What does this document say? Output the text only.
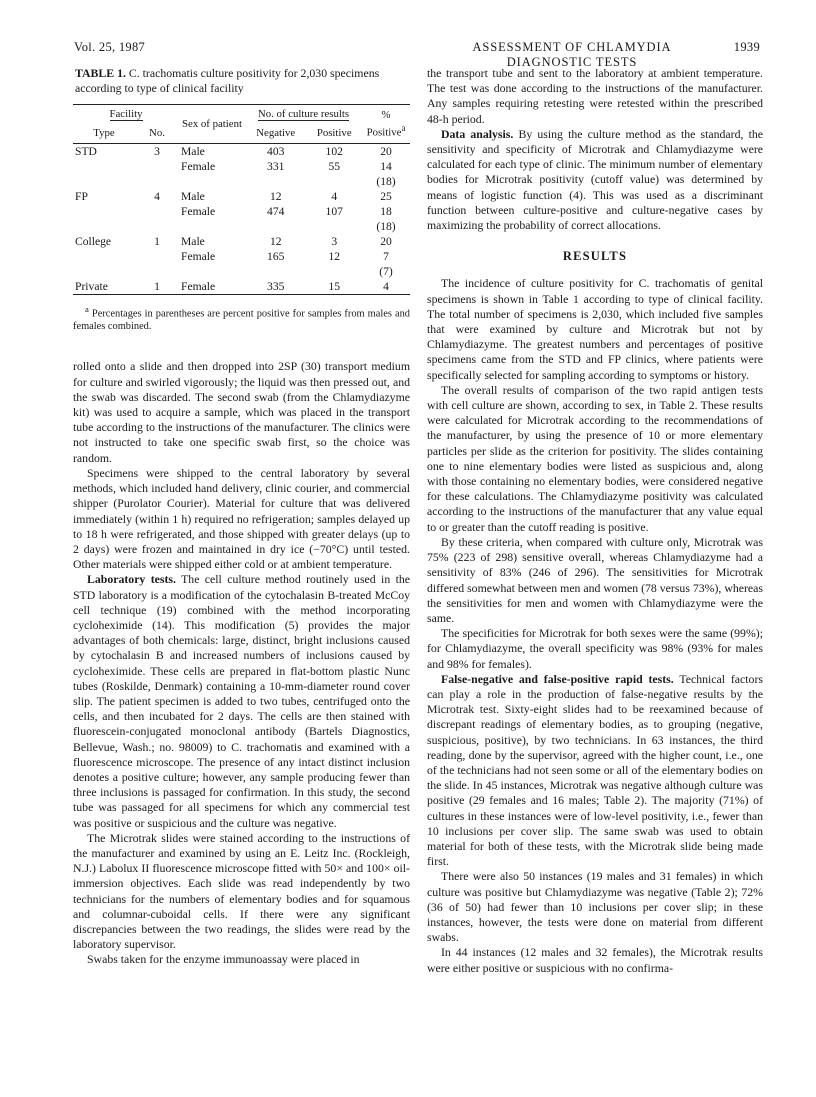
Vol. 25, 1987	ASSESSMENT OF CHLAMYDIA DIAGNOSTIC TESTS
1939
TABLE 1. C. trachomatis culture positivity for 2,030 specimens according to type of clinical facility
Facility		Sex of patient	No. of culture results		% Positive$^a$
Type	No.		Negative	Positive	
STD	3	Male	403	102	20
		Female	331	55	14
					(18)
FP	4	Male	12	4	25
		Female	474	107	18
					(18)
College	1	Male	12	3	20
		Female	165	12	7
					(7)
Private	1	Female	335	15	4
$^a$ Percentages in parentheses are percent positive for samples from males and females combined.

rolled onto a slide and then dropped into 2SP (30) transport medium for culture and swirled vigorously; the liquid was then pressed out, and the swab was discarded. The second swab (from the Chlamydiazyme kit) was used to acquire a sample, which was placed in the transport tube according to the instructions of the manufacturer. The clinics were not instructed to take one specific swab first, so the choice was random.

Specimens were shipped to the central laboratory by several methods, which included hand delivery, clinic courier, and commercial shipper (Purolator Courier). Material for culture that was delivered immediately (within 1 h) required no refrigeration; samples delayed up to 18 h were refrigerated, and those shipped with greater delays (up to 2 days) were frozen and maintained in dry ice (−70°C) until tested. Other materials were shipped either cold or at ambient temperature.

Laboratory tests. The cell culture method routinely used in the STD laboratory is a modification of the cytochalasin B-treated McCoy cell technique (19) combined with the method incorporating cycloheximide (14). This modification (5) provides the major advantages of both chemicals: large, distinct, bright inclusions caused by cytochalasin B and increased numbers of inclusions caused by cycloheximide. These cells are prepared in flat-bottom plastic Nunc tubes (Roskilde, Denmark) containing a 10-mm-diameter round cover slip. The patient specimen is added to two tubes, centrifuged onto the cells, and then incubated for 2 days. The cells are then stained with fluorescein-conjugated monoclonal antibody (Bartels Diagnostics, Bellevue, Wash.; no. 98009) to C. trachomatis and examined with a fluorescence microscope. The presence of any intact distinct inclusion denotes a positive culture; however, any sample producing fewer than three inclusions is passaged for confirmation. In this study, the second tube was passaged for all specimens for which any commercial test was positive or suspicious and the culture was negative.

The Microtrak slides were stained according to the instructions of the manufacturer and examined by using an E. Leitz Inc. (Rockleigh, N.J.) Labolux II fluorescence microscope fitted with 50× and 100× oil-immersion objectives. Each slide was read independently by two technicians for the numbers of elementary bodies and for squamous and columnar-cuboidal cells. If there were any significant discrepancies between the two readings, the slides were read by the laboratory supervisor.

Swabs taken for the enzyme immunoassay were placed in

the transport tube and sent to the laboratory at ambient temperature. The test was done according to the instructions of the manufacturer. Any samples requiring retesting were retested within the prescribed 48-h period.

Data analysis. By using the culture method as the standard, the sensitivity and specificity of Microtrak and Chlamydiazyme were calculated for each type of clinic. The minimum number of elementary bodies for Microtrak positivity (cutoff value) was determined by means of logistic function (4). This was used as a discriminant function between culture-positive and culture-negative cases by maximizing the probability of correct allocations.

RESULTS

The incidence of culture positivity for C. trachomatis of genital specimens is shown in Table 1 according to type of clinical facility. The total number of specimens is 2,030, which included five samples that were examined by culture and Microtrak but not by Chlamydiazyme. The greatest numbers and percentages of positive specimens came from the STD and FP clinics, where patients were specifically selected for sampling according to symptoms or history.

The overall results of comparison of the two rapid antigen tests with cell culture are shown, according to sex, in Table 2. These results were calculated for Microtrak according to the recommendations of the manufacturer, by using the presence of 10 or more elementary particles per slide as the criterion for positivity. The slides containing one to nine elementary bodies were listed as suspicious and, along with those containing no elementary bodies, were considered negative for these calculations. The Chlamydiazyme positivity was calculated according to the instructions of the manufacturer that any value equal to or greater than the cutoff reading is positive.

By these criteria, when compared with culture only, Microtrak was 75% (223 of 298) sensitive overall, whereas Chlamydiazyme had a sensitivity of 83% (246 of 296). The sensitivities for Microtrak differed somewhat between men and women (78 versus 73%), whereas the sensitivities for men and women with Chlamydiazyme were the same.

The specificities for Microtrak for both sexes were the same (99%); for Chlamydiazyme, the overall specificity was 98% (93% for males and 98% for females).

False-negative and false-positive rapid tests. Technical factors can play a role in the production of false-negative results by the Microtrak test. Sixty-eight slides had to be reexamined because of discrepant readings of elementary bodies, as to grouping (negative, suspicious, positive), by two technicians. In 63 instances, the third reading, done by the supervisor, agreed with the higher count, i.e., one of the technicians had not seen some or all of the elementary bodies on the slide. In 45 instances, Microtrak was negative although culture was positive (29 females and 16 males; Table 2). The majority (71%) of cultures in these instances were of low-level positivity, i.e., fewer than 10 inclusions per cover slip. The same swab was used to obtain material for both of these tests, with the Microtrak slide being made first.

There were also 50 instances (19 males and 31 females) in which culture was positive but Chlamydiazyme was negative (Table 2); 72% (36 of 50) had fewer than 10 inclusions per cover slip; in these instances, however, the tests were done on material from different swabs.

In 44 instances (12 males and 32 females), the Microtrak results were either positive or suspicious with no confirma-
